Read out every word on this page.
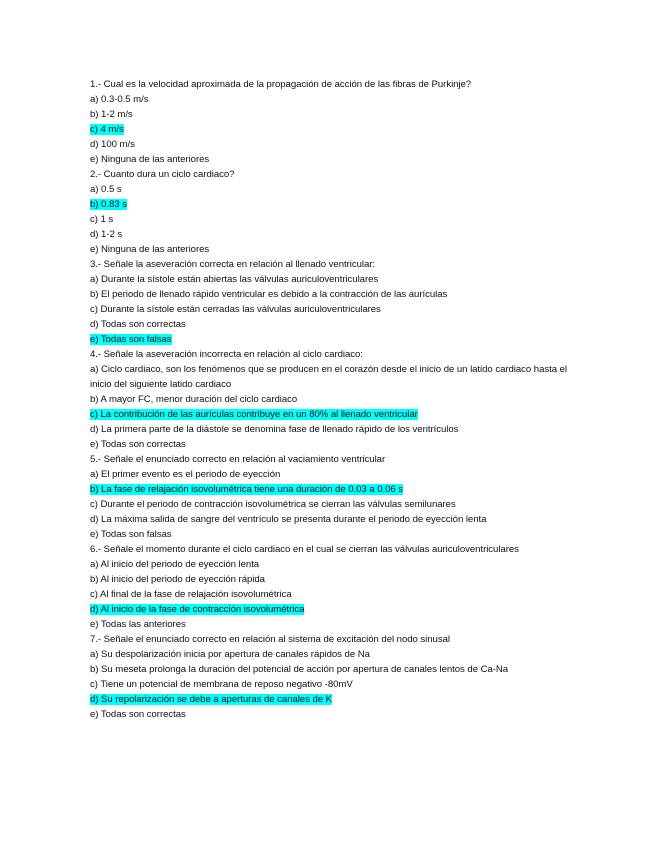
1.- Cual es la velocidad aproximada de la propagación de acción de las fibras de Purkinje?
a) 0.3-0.5 m/s
b) 1-2 m/s
c) 4 m/s
d) 100 m/s
e) Ninguna de las anteriores
2.- Cuanto dura un ciclo cardiaco?
a) 0.5 s
b) 0.83 s
c) 1 s
d) 1-2 s
e) Ninguna de las anteriores
3.- Señale la aseveración correcta en relación al llenado ventricular:
a) Durante la sístole están abiertas las válvulas auriculoventriculares
b) El periodo de llenado rápido ventricular es debido a la contracción de las aurículas
c) Durante la sístole están cerradas las válvulas auriculoventriculares
d) Todas son correctas
e) Todas son falsas
4.- Señale la aseveración incorrecta en relación al ciclo cardiaco:
a) Ciclo cardiaco, son los fenómenos que se producen en el corazón desde el inicio de un latido cardiaco hasta el inicio del siguiente latido cardiaco
b) A mayor FC, menor duración del ciclo cardiaco
c) La contribución de las aurículas contribuye en un 80% al llenado ventricular
d) La primera parte de la diástole se denomina fase de llenado rápido de los ventrículos
e) Todas son correctas
5.- Señale el enunciado correcto en relación al vaciamiento ventricular
a) El primer evento es el periodo de eyección
b) La fase de relajación isovolumétrica tiene una duración de 0.03 a 0.06 s
c) Durante el periodo de contracción isovolumétrica se cierran las válvulas semilunares
d) La máxima salida de sangre del ventrículo se presenta durante el periodo de eyección lenta
e) Todas son falsas
6.- Señale el momento durante el ciclo cardiaco en el cual se cierran las válvulas auriculoventriculares
a) Al inicio del periodo de eyección lenta
b) Al inicio del periodo de eyección rápida
c) Al final de la fase de relajación isovolumétrica
d) Al inicio de la fase de contracción isovolumétrica
e) Todas las anteriores
7.- Señale el enunciado correcto en relación al sistema de excitación del nodo sinusal
a) Su despolarización inicia por apertura de canales rápidos de Na
b) Su meseta prolonga la duración del potencial de acción por apertura de canales lentos de Ca-Na
c) Tiene un potencial de membrana de reposo negativo -80mV
d) Su repolarización se debe a aperturas de canales de K
e) Todas son correctas
